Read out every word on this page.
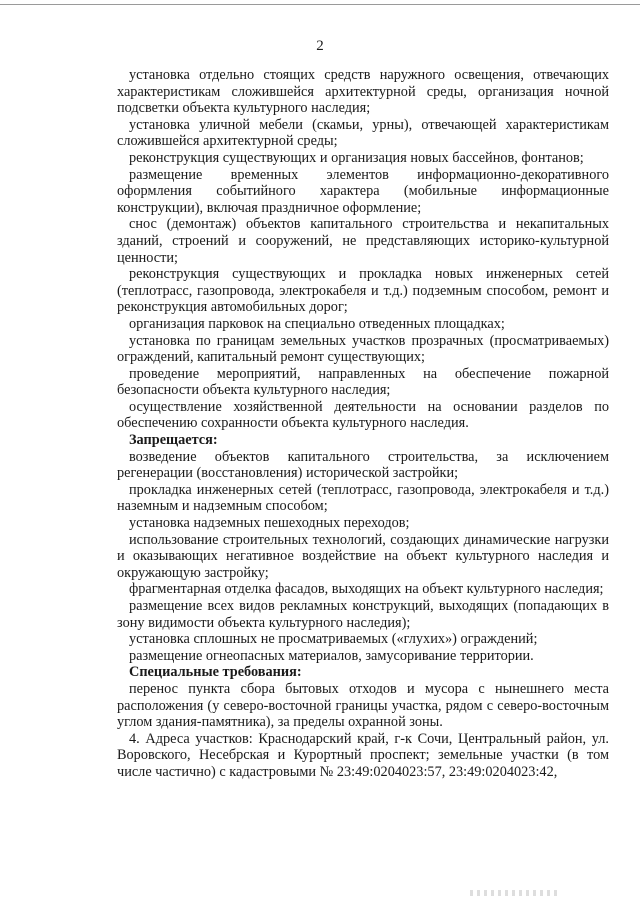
2

установка отдельно стоящих средств наружного освещения, отвечающих характеристикам сложившейся архитектурной среды, организация ночной подсветки объекта культурного наследия;

установка уличной мебели (скамьи, урны), отвечающей характеристикам сложившейся архитектурной среды;

реконструкция существующих и организация новых бассейнов, фонтанов;

размещение временных элементов информационно-декоративного оформления событийного характера (мобильные информационные конструкции), включая праздничное оформление;

снос (демонтаж) объектов капитального строительства и некапитальных зданий, строений и сооружений, не представляющих историко-культурной ценности;

реконструкция существующих и прокладка новых инженерных сетей (теплотрасс, газопровода, электрокабеля и т.д.) подземным способом, ремонт и реконструкция автомобильных дорог;

организация парковок на специально отведенных площадках;

установка по границам земельных участков прозрачных (просматриваемых) ограждений, капитальный ремонт существующих;

проведение мероприятий, направленных на обеспечение пожарной безопасности объекта культурного наследия;

осуществление хозяйственной деятельности на основании разделов по обеспечению сохранности объекта культурного наследия.

Запрещается:

возведение объектов капитального строительства, за исключением регенерации (восстановления) исторической застройки;

прокладка инженерных сетей (теплотрасс, газопровода, электрокабеля и т.д.) наземным и надземным способом;

установка надземных пешеходных переходов;

использование строительных технологий, создающих динамические нагрузки и оказывающих негативное воздействие на объект культурного наследия и окружающую застройку;

фрагментарная отделка фасадов, выходящих на объект культурного наследия;

размещение всех видов рекламных конструкций, выходящих (попадающих в зону видимости объекта культурного наследия);

установка сплошных не просматриваемых («глухих») ограждений;

размещение огнеопасных материалов, замусоривание территории.

Специальные требования:

перенос пункта сбора бытовых отходов и мусора с нынешнего места расположения (у северо-восточной границы участка, рядом с северо-восточным углом здания-памятника), за пределы охранной зоны.

4. Адреса участков: Краснодарский край, г-к Сочи, Центральный район, ул. Воровского, Несебрская и Курортный проспект; земельные участки (в том числе частично) с кадастровыми № 23:49:0204023:57, 23:49:0204023:42,
